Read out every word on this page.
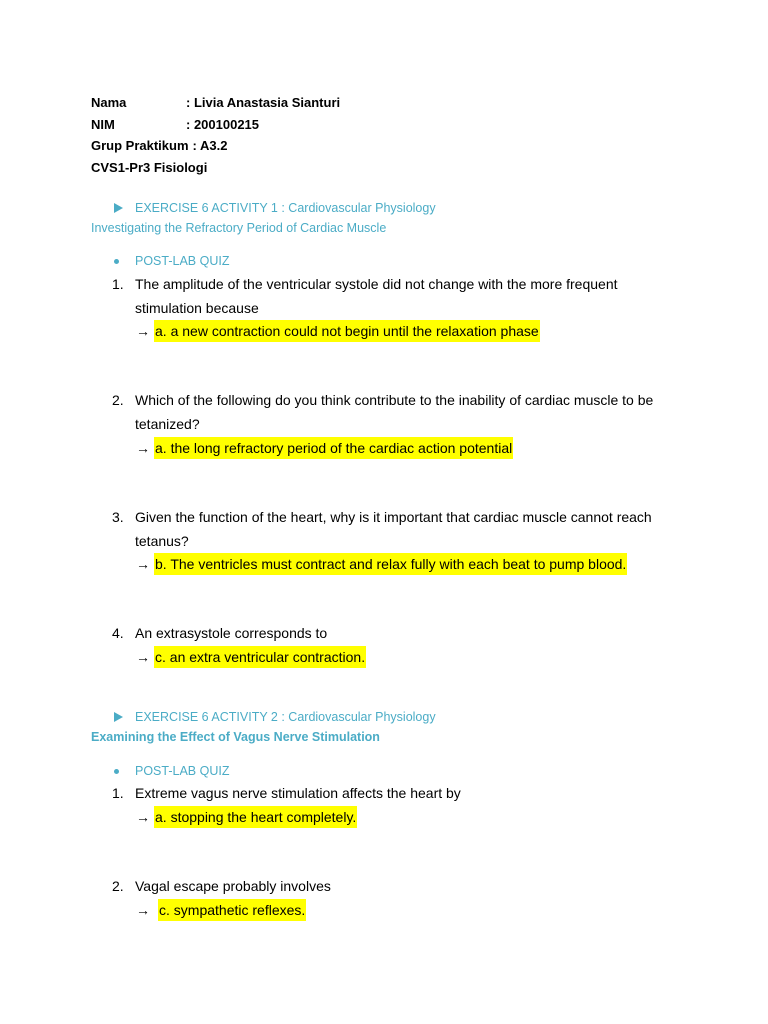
Nama	: Livia Anastasia Sianturi
NIM	: 200100215
Grup Praktikum : A3.2
CVS1-Pr3 Fisiologi
EXERCISE 6 ACTIVITY 1 : Cardiovascular Physiology
Investigating the Refractory Period of Cardiac Muscle
POST-LAB QUIZ
1. The amplitude of the ventricular systole did not change with the more frequent stimulation because
→ a. a new contraction could not begin until the relaxation phase
2. Which of the following do you think contribute to the inability of cardiac muscle to be tetanized?
→ a. the long refractory period of the cardiac action potential
3. Given the function of the heart, why is it important that cardiac muscle cannot reach tetanus?
→ b. The ventricles must contract and relax fully with each beat to pump blood.
4. An extrasystole corresponds to
→ c. an extra ventricular contraction.
EXERCISE 6 ACTIVITY 2 : Cardiovascular Physiology
Examining the Effect of Vagus Nerve Stimulation
POST-LAB QUIZ
1. Extreme vagus nerve stimulation affects the heart by
→ a. stopping the heart completely.
2. Vagal escape probably involves
→ c. sympathetic reflexes.
